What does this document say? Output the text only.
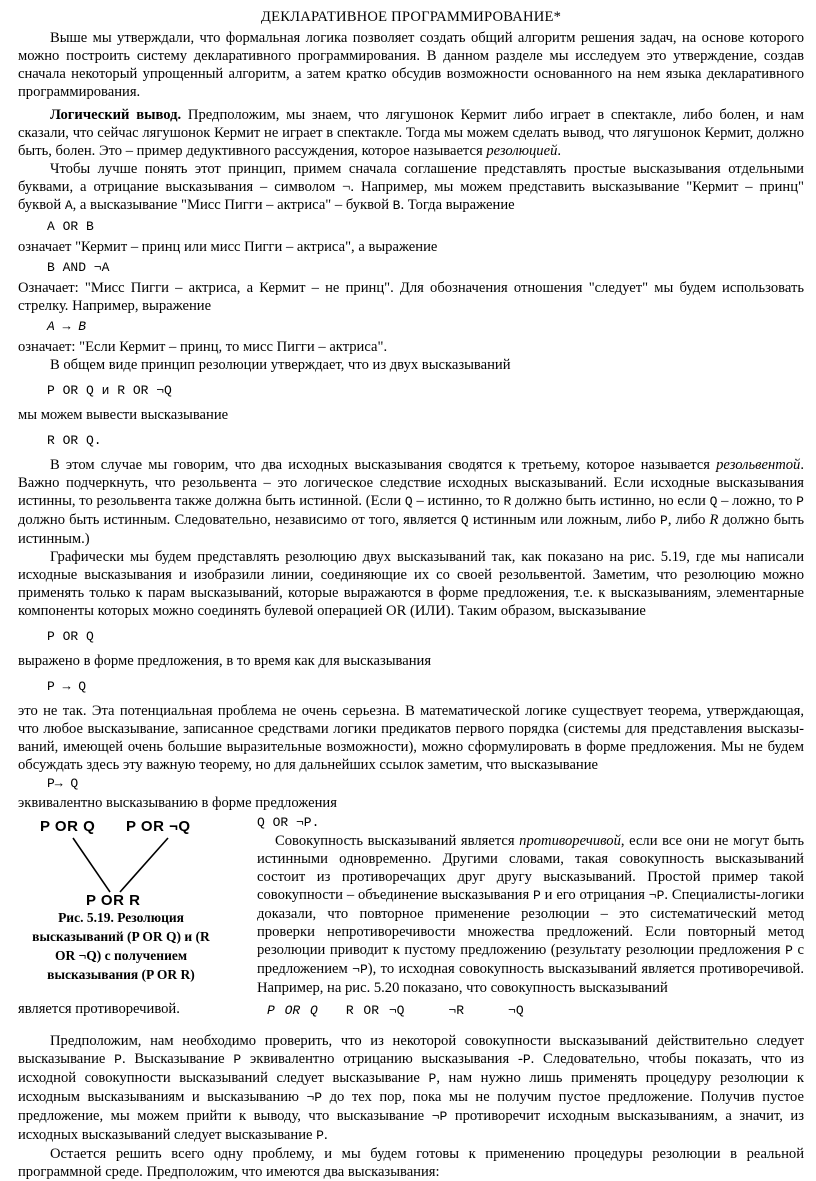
ДЕКЛАРАТИВНОЕ ПРОГРАММИРОВАНИЕ*

Выше мы утверждали, что формальная логика позволяет создать общий алгоритм решения задач, на основе которого можно построить систему декларативного программирования. В данном разделе мы исследуем это утверждение, создав сначала некоторый упрощенный алгоритм, а затем кратко обсудив возможности основанного на нем языка декларативного программирования.

Логический вывод. Предположим, мы знаем, что лягушонок Кермит либо играет в спектакле, либо болен, и нам сказали, что сейчас лягушонок Кермит не играет в спектакле. Тогда мы можем сделать вывод, что лягушонок Кермит, должно быть, болен. Это – пример дедуктивного рассуждения, которое называется резолюцией.

Чтобы лучше понять этот принцип, примем сначала соглашение представлять простые высказывания отдельными буквами, а отрицание высказывания – символом ¬. Например, мы можем представить высказывание "Кермит – принц" буквой A, а высказывание "Мисс Пигги – актриса" – буквой B. Тогда выражение

A OR B

означает "Кермит – принц или мисс Пигги – актриса", а выражение

B AND ¬A

Означает: "Мисс Пигги – актриса, а Кермит – не принц". Для обозначения отношения "следует" мы будем использовать стрелку. Например, выражение

A → B

означает: "Если Кермит – принц, то мисс Пигги – актриса".

В общем виде принцип резолюции утверждает, что из двух высказываний

P OR Q и R OR ¬Q

мы можем вывести высказывание

R OR Q.

В этом случае мы говорим, что два исходных высказывания сводятся к третьему, которое называется резольвентой. Важно подчеркнуть, что резольвента – это логическое следствие исходных высказываний. Если исходные высказывания истинны, то резольвента также должна быть истинной. (Если Q – истинно, то R должно быть истинно, но если Q – ложно, то P должно быть истинным. Следовательно, независимо от того, является Q истинным или ложным, либо P, либо R должно быть истинным.)

Графически мы будем представлять резолюцию двух высказываний так, как показано на рис. 5.19, где мы написали исходные высказывания и изобразили линии, соединяющие их со своей резольвентой. Заметим, что резолюцию можно применять только к парам высказываний, которые выражаются в форме предложения, т.е. к высказываниям, элементарные компоненты которых можно соединять булевой операцией OR (ИЛИ). Таким образом, высказывание

P OR Q

выражено в форме предложения, в то время как для высказывания

P → Q

это не так. Эта потенциальная проблема не очень серьезна. В математической логике существует теорема, утверждающая, что любое высказывание, записанное средствами логики предикатов первого порядка (системы для представления высказы- ваний, имеющей очень большие выразительные возможности), можно сформулировать в форме предложения. Мы не будем обсуждать здесь эту важную теорему, но для дальнейших ссылок заметим, что высказывание

P→ Q

эквивалентно высказыванию в форме предложения

P OR Q P OR ¬Q
P OR R
Рис. 5.19. Резолюция высказываний (P OR Q) и (R OR ¬Q) с получением высказывания (P OR R)
Q OR ¬P.

Совокупность высказываний является противоречивой, если все они не могут быть истинными одновременно. Другими словами, такая совокупность высказываний состоит из противоречащих друг другу высказываний. Простой пример такой совокупности – объединение высказывания P и его отрицания ¬P. Специалисты-логики доказали, что повторное применение резолюции – это систематический метод проверки непротиворечивости множества предложений. Если повторный метод резолюции приводит к пустому предложению (результату резолюции предложения P с предложением ¬P), то исходная совокупность высказываний является противоречивой. Например, на рис. 5.20 показано, что совокупность высказываний

P OR Q R OR ¬Q	¬R	¬Q

является противоречивой.

Предположим, нам необходимо проверить, что из некоторой совокупности высказываний действительно следует высказывание P. Высказывание P эквивалентно отрицанию высказывания -P. Следовательно, чтобы показать, что из исходной совокупности высказываний следует высказывание P, нам нужно лишь применять процедуру резолюции к исходным высказываниям и высказыванию ¬P до тех пор, пока мы не получим пустое предложение. Получив пустое предложение, мы можем прийти к выводу, что высказывание ¬P противоречит исходным высказываниям, а значит, из исходных высказываний следует высказывание P.

Остается решить всего одну проблему, и мы будем готовы к применению процедуры резолюции в реальной программной среде. Предположим, что имеются два высказывания:
